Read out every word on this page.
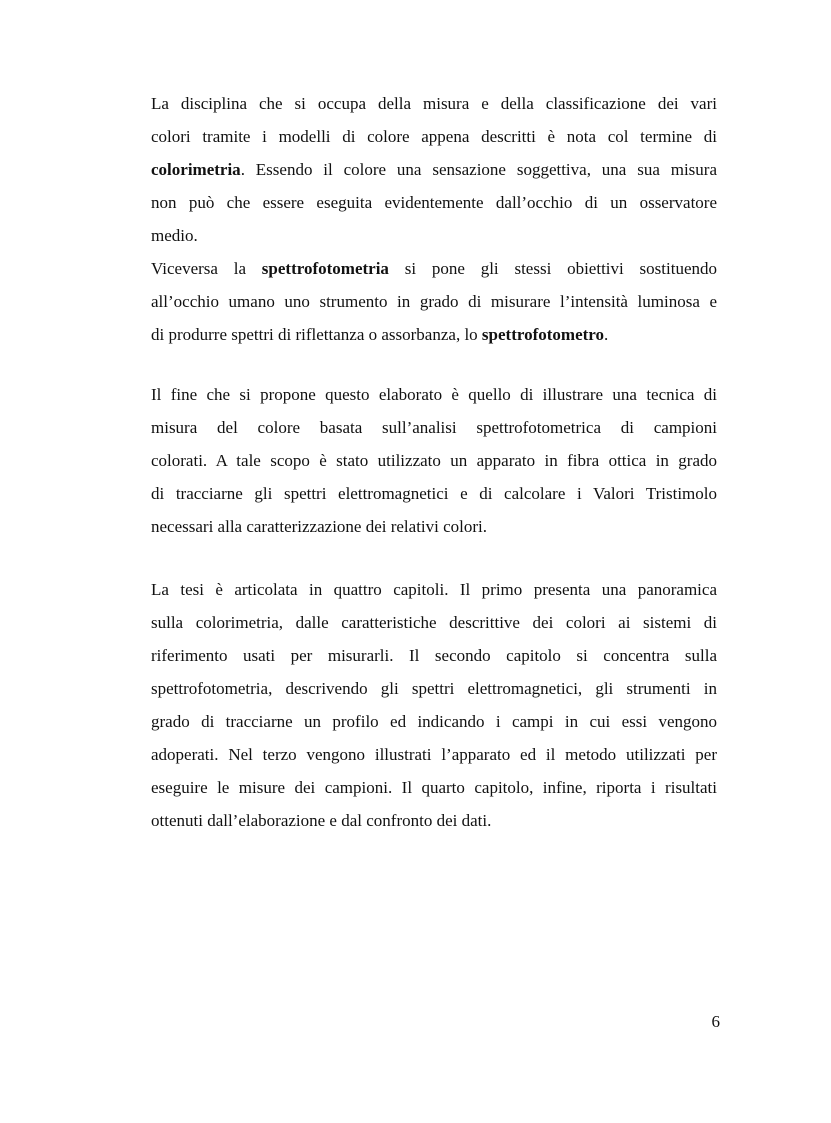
La disciplina che si occupa della misura e della classificazione dei vari
colori tramite i modelli di colore appena descritti è nota col termine di
colorimetria. Essendo il colore una sensazione soggettiva, una sua misura
non può che essere eseguita evidentemente dall’occhio di un osservatore
medio.
Viceversa la spettrofotometria si pone gli stessi obiettivi sostituendo
all’occhio umano uno strumento in grado di misurare l’intensità luminosa e
di produrre spettri di riflettanza o assorbanza, lo spettrofotometro.
Il fine che si propone questo elaborato è quello di illustrare una tecnica di
misura del colore basata sull’analisi spettrofotometrica di campioni
colorati. A tale scopo è stato utilizzato un apparato in fibra ottica in grado
di tracciarne gli spettri elettromagnetici e di calcolare i Valori Tristimolo
necessari alla caratterizzazione dei relativi colori.
La tesi è articolata in quattro capitoli. Il primo presenta una panoramica
sulla colorimetria, dalle caratteristiche descrittive dei colori ai sistemi di
riferimento usati per misurarli. Il secondo capitolo si concentra sulla
spettrofotometria, descrivendo gli spettri elettromagnetici, gli strumenti in
grado di tracciarne un profilo ed indicando i campi in cui essi vengono
adoperati. Nel terzo vengono illustrati l’apparato ed il metodo utilizzati per
eseguire le misure dei campioni. Il quarto capitolo, infine, riporta i risultati
ottenuti dall’elaborazione e dal confronto dei dati.
6
